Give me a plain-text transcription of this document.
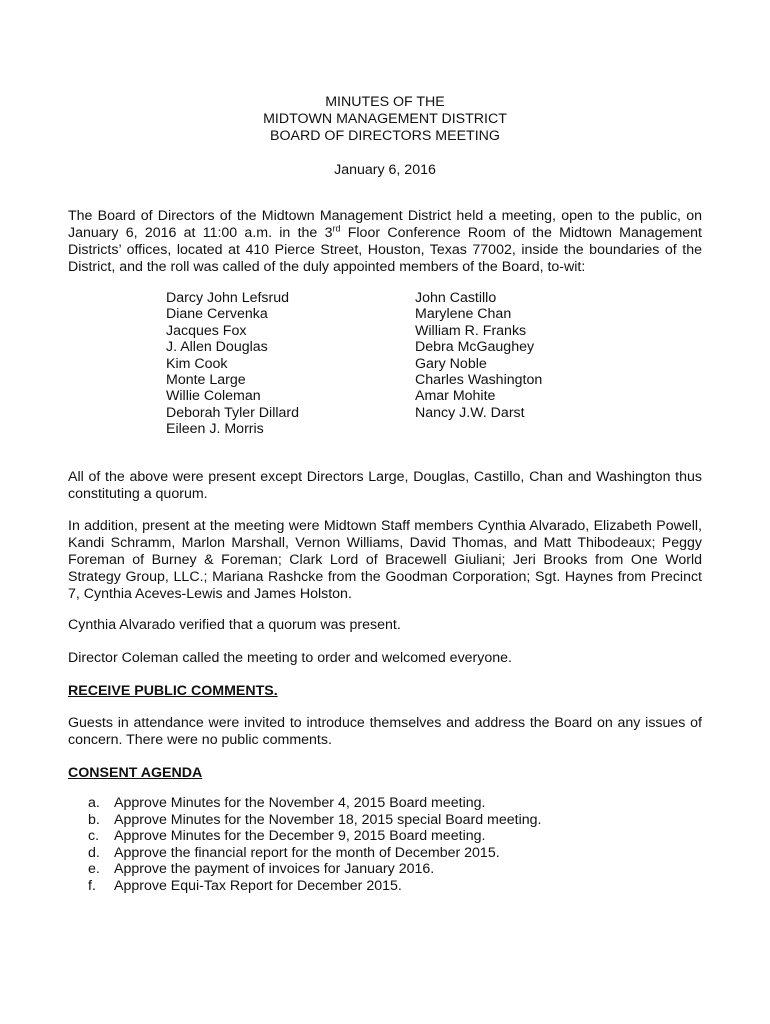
MINUTES OF THE
MIDTOWN MANAGEMENT DISTRICT
BOARD OF DIRECTORS MEETING
January 6, 2016

The Board of Directors of the Midtown Management District held a meeting, open to the public, on January 6, 2016 at 11:00 a.m. in the 3rd Floor Conference Room of the Midtown Management Districts’ offices, located at 410 Pierce Street, Houston, Texas 77002, inside the boundaries of the District, and the roll was called of the duly appointed members of the Board, to-wit:

Darcy John Lefsrud
Diane Cervenka
Jacques Fox
J. Allen Douglas
Kim Cook
Monte Large
Willie Coleman
Deborah Tyler Dillard
Eileen J. Morris
John Castillo
Marylene Chan
William R. Franks
Debra McGaughey
Gary Noble
Charles Washington
Amar Mohite
Nancy J.W. Darst

All of the above were present except Directors Large, Douglas, Castillo, Chan and Washington thus constituting a quorum.

In addition, present at the meeting were Midtown Staff members Cynthia Alvarado, Elizabeth Powell, Kandi Schramm, Marlon Marshall, Vernon Williams, David Thomas, and Matt Thibodeaux; Peggy Foreman of Burney & Foreman; Clark Lord of Bracewell Giuliani; Jeri Brooks from One World Strategy Group, LLC.; Mariana Rashcke from the Goodman Corporation; Sgt. Haynes from Precinct 7, Cynthia Aceves-Lewis and James Holston.

Cynthia Alvarado verified that a quorum was present.

Director Coleman called the meeting to order and welcomed everyone.

RECEIVE PUBLIC COMMENTS.

Guests in attendance were invited to introduce themselves and address the Board on any issues of concern. There were no public comments.

CONSENT AGENDA

a. Approve Minutes for the November 4, 2015 Board meeting.
b. Approve Minutes for the November 18, 2015 special Board meeting.
c.	Approve Minutes for the December 9, 2015 Board meeting.
d. Approve the financial report for the month of December 2015.
e. Approve the payment of invoices for January 2016.
f.	Approve Equi-Tax Report for December 2015.
